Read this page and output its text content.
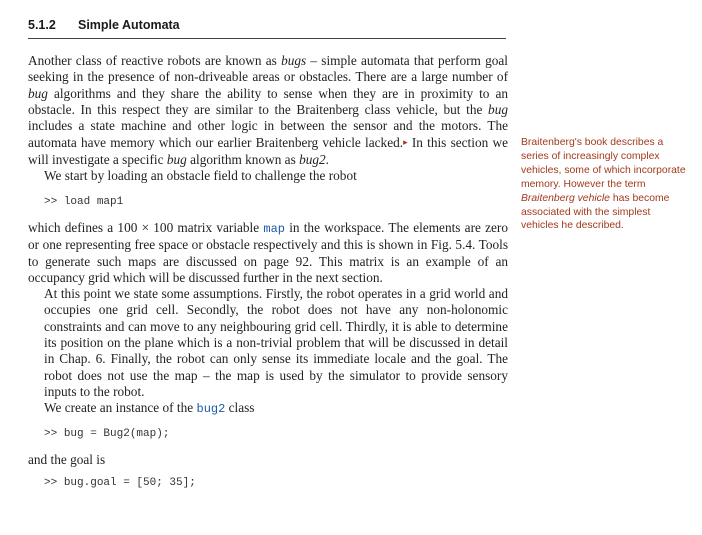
5.1.2 Simple Automata

Another class of reactive robots are known as bugs – simple automata that perform goal seeking in the presence of non-driveable areas or obstacles. There are a large number of bug algorithms and they share the ability to sense when they are in proximity to an obstacle. In this respect they are similar to the Braitenberg class vehicle, but the bug includes a state machine and other logic in between the sensor and the motors. The automata have memory which our earlier Braitenberg vehicle lacked.▸ In this section we will investigate a specific bug algorithm known as bug2.

We start by loading an obstacle field to challenge the robot

>> load map1

which defines a 100 × 100 matrix variable map in the workspace. The elements are zero or one representing free space or obstacle respectively and this is shown in Fig. 5.4. Tools to generate such maps are discussed on page 92. This matrix is an example of an occupancy grid which will be discussed further in the next section.

At this point we state some assumptions. Firstly, the robot operates in a grid world and occupies one grid cell. Secondly, the robot does not have any non-holonomic constraints and can move to any neighbouring grid cell. Thirdly, it is able to determine its position on the plane which is a non-trivial problem that will be discussed in detail in Chap. 6. Finally, the robot can only sense its immediate locale and the goal. The robot does not use the map – the map is used by the simulator to provide sensory inputs to the robot.

We create an instance of the bug2 class

>> bug = Bug2(map);

and the goal is

>> bug.goal = [50; 35];
Braitenberg's book describes a series of increasingly complex vehicles, some of which incorporate memory. However the term Braitenberg vehicle has become associated with the simplest vehicles he described.
